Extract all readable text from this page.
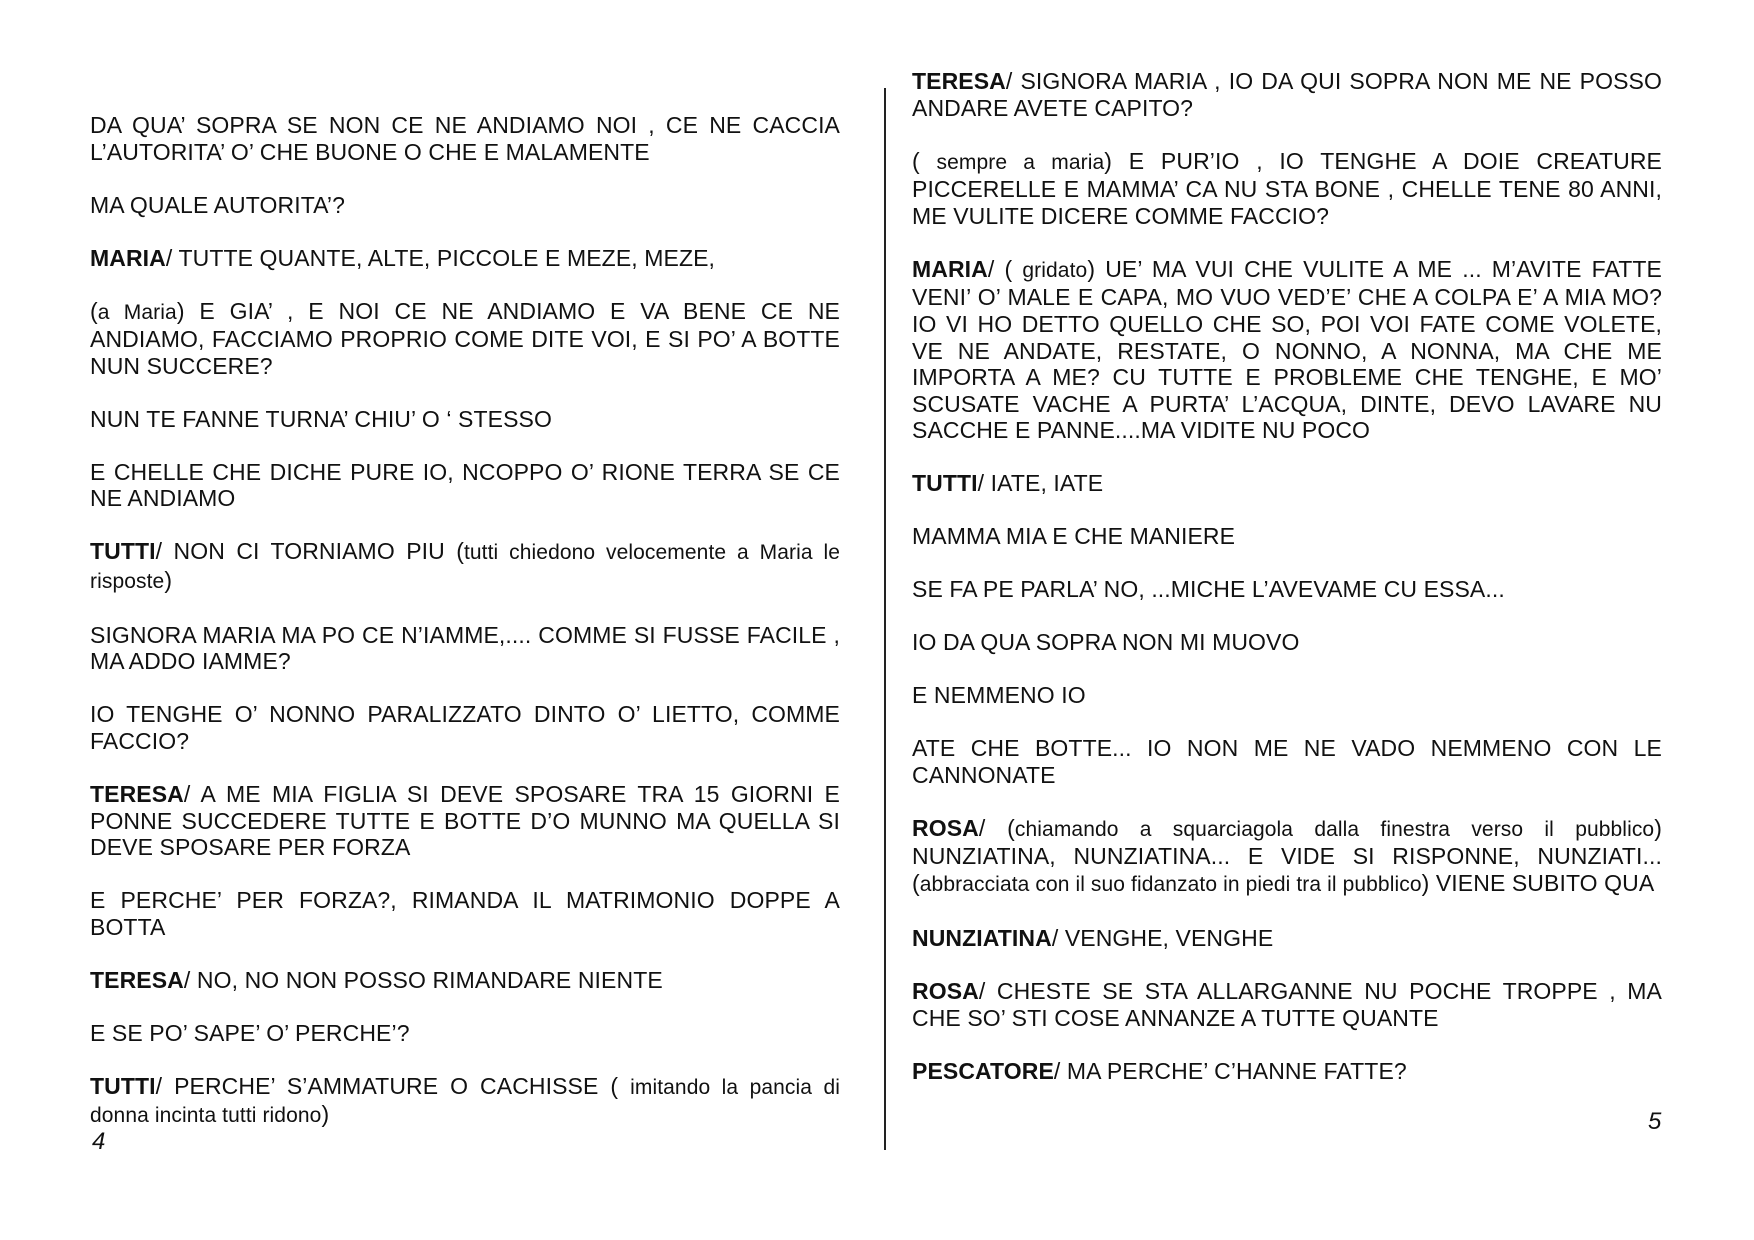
DA QUA’ SOPRA SE NON CE NE ANDIAMO NOI , CE NE CACCIA L’AUTORITA’ O’ CHE BUONE O CHE E MALAMENTE

MA QUALE AUTORITA’?

MARIA/ TUTTE QUANTE, ALTE, PICCOLE E MEZE, MEZE,

(a Maria) E GIA’ , E NOI CE NE ANDIAMO E VA BENE CE NE ANDIAMO, FACCIAMO PROPRIO COME DITE VOI, E SI PO’ A BOTTE NUN SUCCERE?

NUN TE FANNE TURNA’ CHIU’ O ‘ STESSO

E CHELLE CHE DICHE PURE IO, NCOPPO O’ RIONE TERRA SE CE NE ANDIAMO

TUTTI/ NON CI TORNIAMO PIU (tutti chiedono velocemente a Maria le risposte)

SIGNORA MARIA MA PO CE N’IAMME,.... COMME SI FUSSE FACILE , MA ADDO IAMME?

IO TENGHE O’ NONNO PARALIZZATO DINTO O’ LIETTO, COMME FACCIO?

TERESA/ A ME MIA FIGLIA SI DEVE SPOSARE TRA 15 GIORNI E PONNE SUCCEDERE TUTTE E BOTTE D’O MUNNO MA QUELLA SI DEVE SPOSARE PER FORZA

E PERCHE’ PER FORZA?, RIMANDA IL MATRIMONIO DOPPE A BOTTA

TERESA/ NO, NO NON POSSO RIMANDARE NIENTE

E SE PO’ SAPE’ O’ PERCHE’?

TUTTI/ PERCHE’ S’AMMATURE O CACHISSE ( imitando la pancia di donna incinta tutti ridono)

TERESA/ SIGNORA MARIA , IO DA QUI SOPRA NON ME NE POSSO ANDARE AVETE CAPITO?

( sempre a maria) E PUR’IO , IO TENGHE A DOIE CREATURE PICCERELLE E MAMMA’ CA NU STA BONE , CHELLE TENE 80 ANNI, ME VULITE DICERE COMME FACCIO?

MARIA/ ( gridato) UE’ MA VUI CHE VULITE A ME ... M’AVITE FATTE VENI’ O’ MALE E CAPA, MO VUO VED’E’ CHE A COLPA E’ A MIA MO? IO VI HO DETTO QUELLO CHE SO, POI VOI FATE COME VOLETE, VE NE ANDATE, RESTATE, O NONNO, A NONNA, MA CHE ME IMPORTA A ME? CU TUTTE E PROBLEME CHE TENGHE, E MO’ SCUSATE VACHE A PURTA’ L’ACQUA, DINTE, DEVO LAVARE NU SACCHE E PANNE....MA VIDITE NU POCO

TUTTI/ IATE, IATE

MAMMA MIA E CHE MANIERE

SE FA PE PARLA’ NO, ...MICHE L’AVEVAME CU ESSA...

IO DA QUA SOPRA NON MI MUOVO

E NEMMENO IO

ATE CHE BOTTE... IO NON ME NE VADO NEMMENO CON LE CANNONATE

ROSA/ (chiamando a squarciagola dalla finestra verso il pubblico) NUNZIATINA, NUNZIATINA... E VIDE SI RISPONNE, NUNZIATI...(abbracciata con il suo fidanzato in piedi tra il pubblico) VIENE SUBITO QUA

NUNZIATINA/ VENGHE, VENGHE

ROSA/ CHESTE SE STA ALLARGANNE NU POCHE TROPPE , MA CHE SO’ STI COSE ANNANZE A TUTTE QUANTE

PESCATORE/ MA PERCHE’ C’HANNE FATTE?

4
5
